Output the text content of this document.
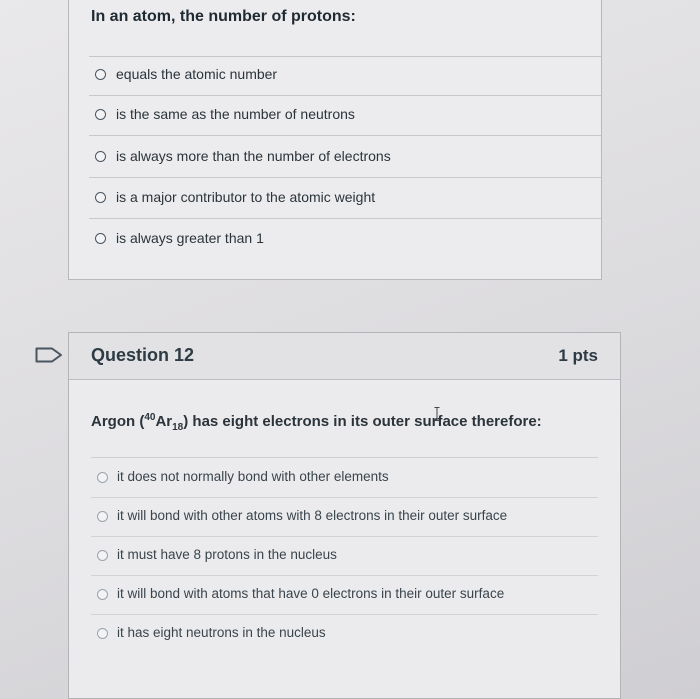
In an atom, the number of protons:
equals the atomic number
is the same as the number of neutrons
is always more than the number of electrons
is a major contributor to the atomic weight
is always greater than 1
Question 12	1 pts
Argon $(^{40}Ar_{18})$ has eight electrons in its outer surface therefore:
it does not normally bond with other elements
it will bond with other atoms with 8 electrons in their outer surface
it must have 8 protons in the nucleus
it will bond with atoms that have 0 electrons in their outer surface
it has eight neutrons in the nucleus
